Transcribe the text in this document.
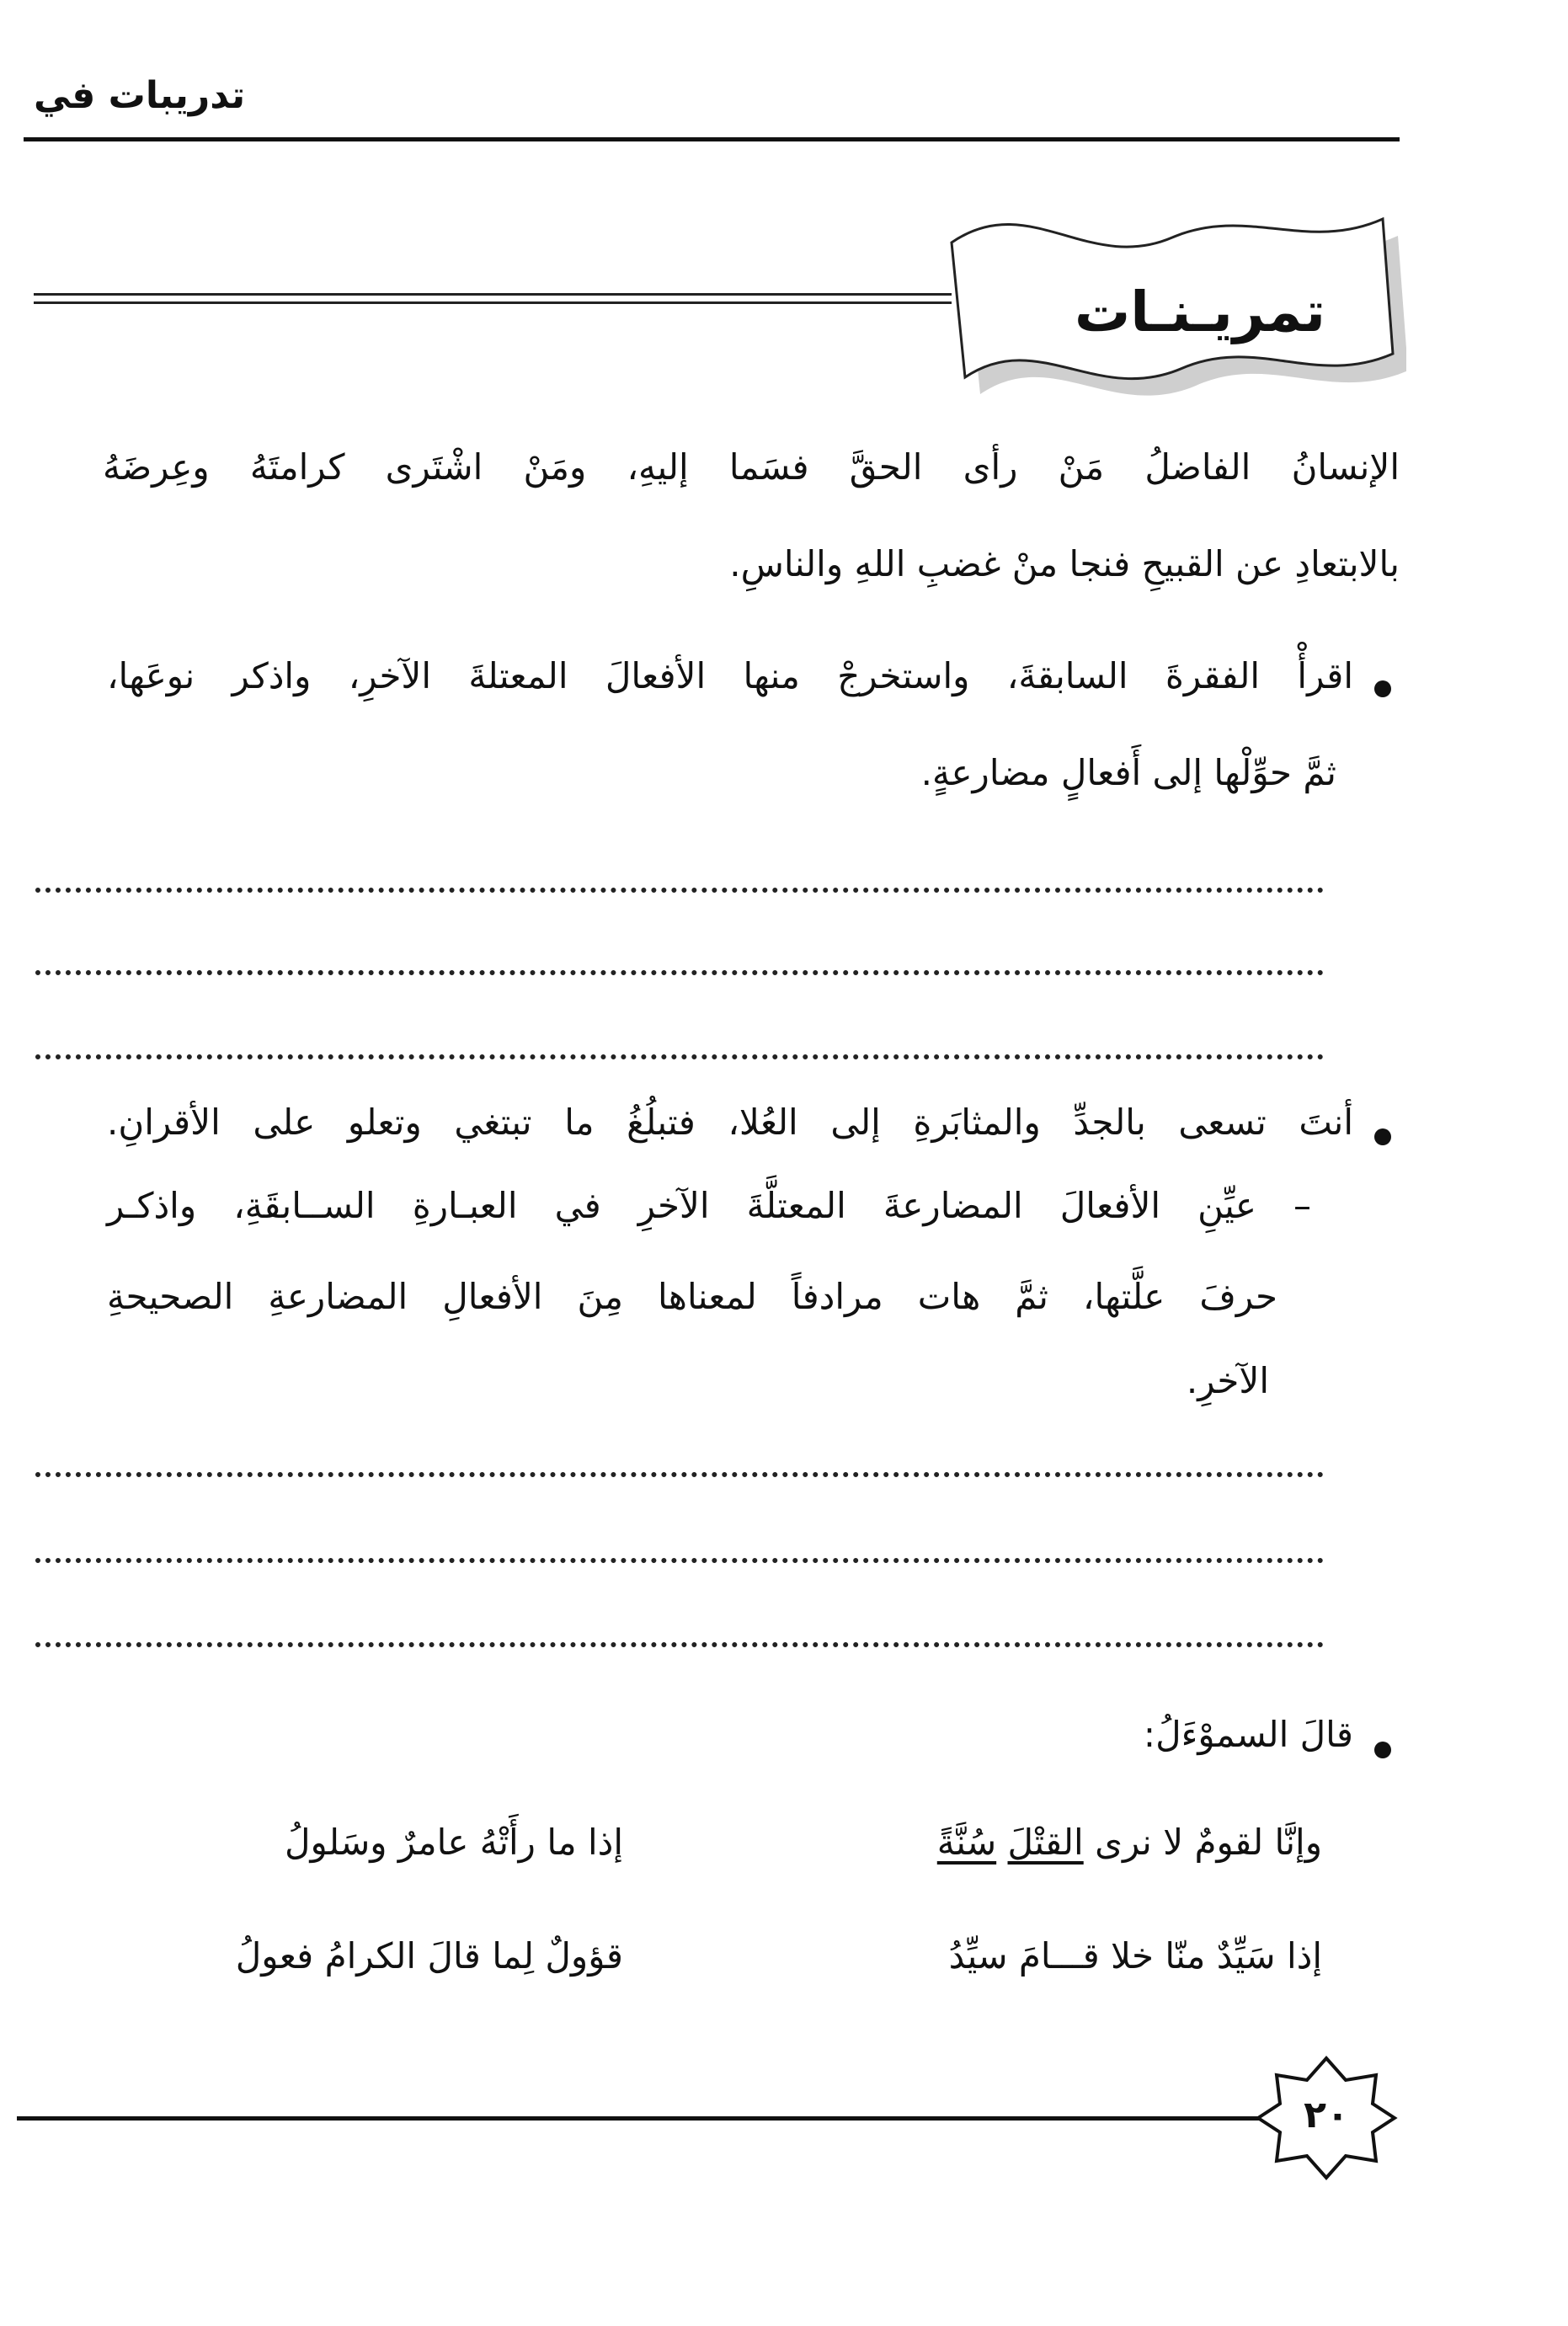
تدريبات في
تمريـنـات
الإنسانُ الفاضلُ مَنْ رأى الحقَّ فسَما إليهِ، ومَنْ اشْتَرى كرامتَهُ وعِرضَهُ
بالابتعادِ عن القبيحِ فنجا منْ غضبِ اللهِ والناسِ.
اقرأْ الفقرةَ السابقةَ، واستخرجْ منها الأفعالَ المعتلةَ الآخرِ، واذكر نوعَها،
ثمَّ حوِّلْها إلى أَفعالٍ مضارعةٍ.
أنتَ تسعى بالجدِّ والمثابَرةِ إلى العُلا، فتبلُغُ ما تبتغي وتعلو على الأقرانِ.
– عيِّنِ الأفعالَ المضارعةَ المعتلَّةَ الآخرِ في العبـارةِ الســابقَةِ، واذكـر
حرفَ علَّتها، ثمَّ هات مرادفاً لمعناها مِنَ الأفعالِ المضارعةِ الصحيحةِ
الآخرِ.
قالَ السموْءَلُ:
وإنَّا لقومٌ لا نرى القتْلَ سُنَّةً
إذا ما رأَتْهُ عامرٌ وسَلولُ
إذا سَيِّدٌ منّا خلا قـــامَ سيِّدُ
قؤولٌ لِما قالَ الكرامُ فعولُ
٢٠
